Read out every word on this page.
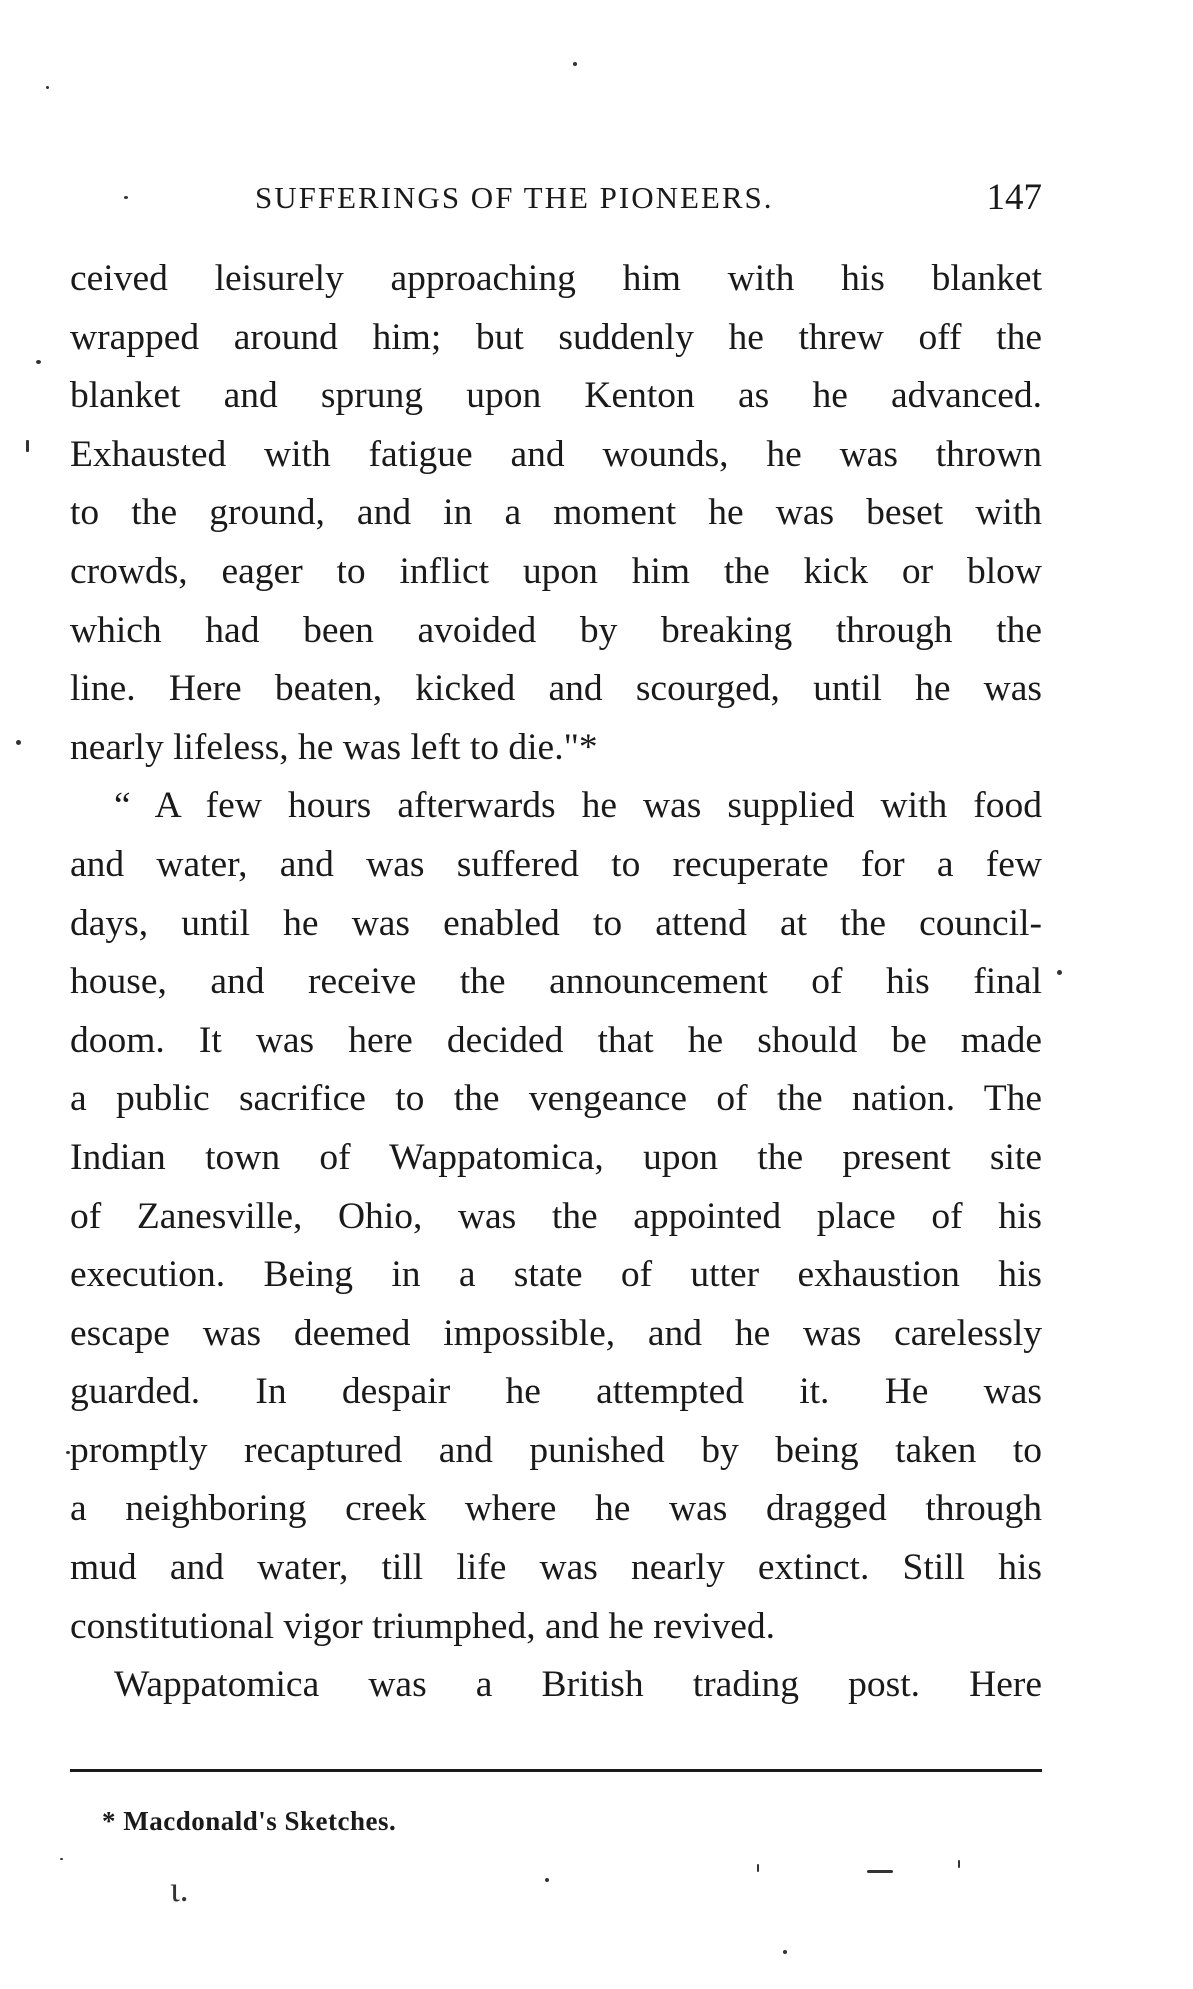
SUFFERINGS OF THE PIONEERS.	147
ceived leisurely approaching him with his blanket
wrapped around him; but suddenly he threw off the
blanket and sprung upon Kenton as he advanced.
Exhausted with fatigue and wounds, he was thrown
to the ground, and in a moment he was beset with
crowds, eager to inflict upon him the kick or blow
which had been avoided by breaking through the
line. Here beaten, kicked and scourged, until he was
nearly lifeless, he was left to die."*
“ A few hours afterwards he was supplied with food
and water, and was suffered to recuperate for a few
days, until he was enabled to attend at the council-
house, and receive the announcement of his final
doom. It was here decided that he should be made
a public sacrifice to the vengeance of the nation. The
Indian town of Wappatomica, upon the present site
of Zanesville, Ohio, was the appointed place of his
execution. Being in a state of utter exhaustion his
escape was deemed impossible, and he was carelessly
guarded. In despair he attempted it. He was
promptly recaptured and punished by being taken to
a neighboring creek where he was dragged through
mud and water, till life was nearly extinct. Still his
constitutional vigor triumphed, and he revived.
Wappatomica was a British trading post. Here
* Macdonald's Sketches.
ι.
